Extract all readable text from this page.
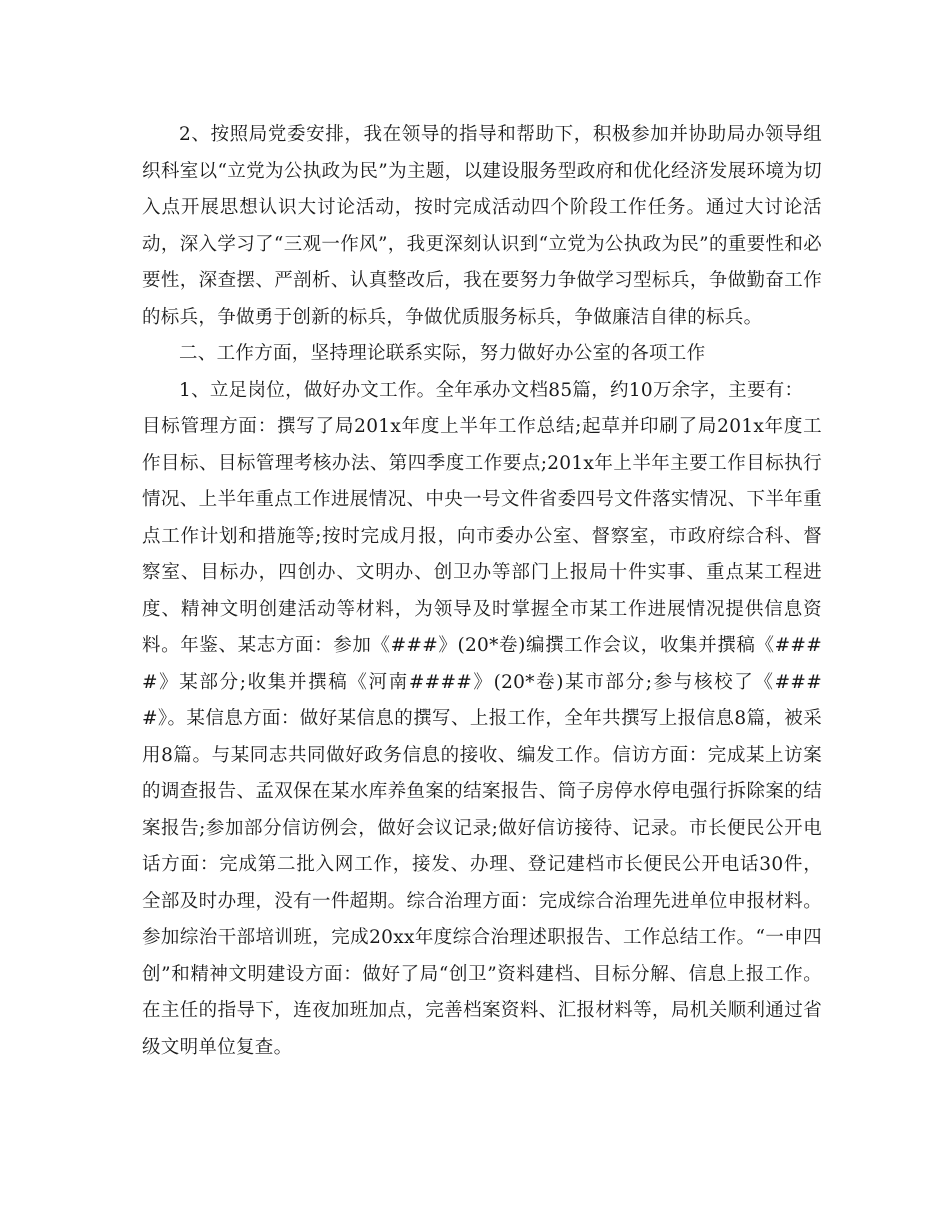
2、按照局党委安排，我在领导的指导和帮助下，积极参加并协助局办领导组织科室以“立党为公执政为民”为主题，以建设服务型政府和优化经济发展环境为切入点开展思想认识大讨论活动，按时完成活动四个阶段工作任务。通过大讨论活动，深入学习了“三观一作风”，我更深刻认识到“立党为公执政为民”的重要性和必要性，深查摆、严剖析、认真整改后，我在要努力争做学习型标兵，争做勤奋工作的标兵，争做勇于创新的标兵，争做优质服务标兵，争做廉洁自律的标兵。

二、工作方面，坚持理论联系实际，努力做好办公室的各项工作

1、立足岗位，做好办文工作。全年承办文档85篇，约10万余字，主要有：

目标管理方面：撰写了局201x年度上半年工作总结;起草并印刷了局201x年度工作目标、目标管理考核办法、第四季度工作要点;201x年上半年主要工作目标执行情况、上半年重点工作进展情况、中央一号文件省委四号文件落实情况、下半年重点工作计划和措施等;按时完成月报，向市委办公室、督察室，市政府综合科、督察室、目标办，四创办、文明办、创卫办等部门上报局十件实事、重点某工程进度、精神文明创建活动等材料，为领导及时掌握全市某工作进展情况提供信息资料。年鉴、某志方面：参加《###》(20*卷)编撰工作会议，收集并撰稿《####》某部分;收集并撰稿《河南####》(20*卷)某市部分;参与核校了《####》。某信息方面：做好某信息的撰写、上报工作，全年共撰写上报信息8篇，被采用8篇。与某同志共同做好政务信息的接收、编发工作。信访方面：完成某上访案的调查报告、孟双保在某水库养鱼案的结案报告、筒子房停水停电强行拆除案的结案报告;参加部分信访例会，做好会议记录;做好信访接待、记录。市长便民公开电话方面：完成第二批入网工作，接发、办理、登记建档市长便民公开电话30件，全部及时办理，没有一件超期。综合治理方面：完成综合治理先进单位申报材料。参加综治干部培训班，完成20xx年度综合治理述职报告、工作总结工作。“一申四创”和精神文明建设方面：做好了局“创卫”资料建档、目标分解、信息上报工作。在主任的指导下，连夜加班加点，完善档案资料、汇报材料等，局机关顺利通过省级文明单位复查。
